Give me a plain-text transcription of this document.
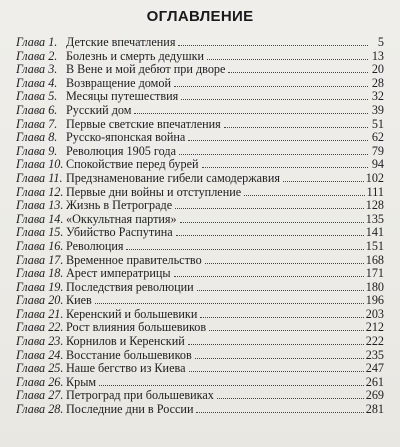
ОГЛАВЛЕНИЕ
Глава 1. Детские впечатления	5
Глава 2. Болезнь и смерть дедушки	13
Глава 3. В Вене и мой дебют при дворе	20
Глава 4. Возвращение домой	28
Глава 5. Месяцы путешествия	32
Глава 6. Русский дом	39
Глава 7. Первые светские впечатления	51
Глава 8. Русско-японская война	62
Глава 9. Революция 1905 года	79
Глава 10. Спокойствие перед бурей	94
Глава 11. Предзнаменование гибели самодержавия	102
Глава 12. Первые дни войны и отступление	111
Глава 13. Жизнь в Петрограде	128
Глава 14. «Оккультная партия»	135
Глава 15. Убийство Распутина	141
Глава 16. Революция	151
Глава 17. Временное правительство	168
Глава 18. Арест императрицы	171
Глава 19. Последствия революции	180
Глава 20. Киев	196
Глава 21. Керенский и большевики	203
Глава 22. Рост влияния большевиков	212
Глава 23. Корнилов и Керенский	222
Глава 24. Восстание большевиков	235
Глава 25. Наше бегство из Киева	247
Глава 26. Крым	261
Глава 27. Петроград при большевиках	269
Глава 28. Последние дни в России	281
